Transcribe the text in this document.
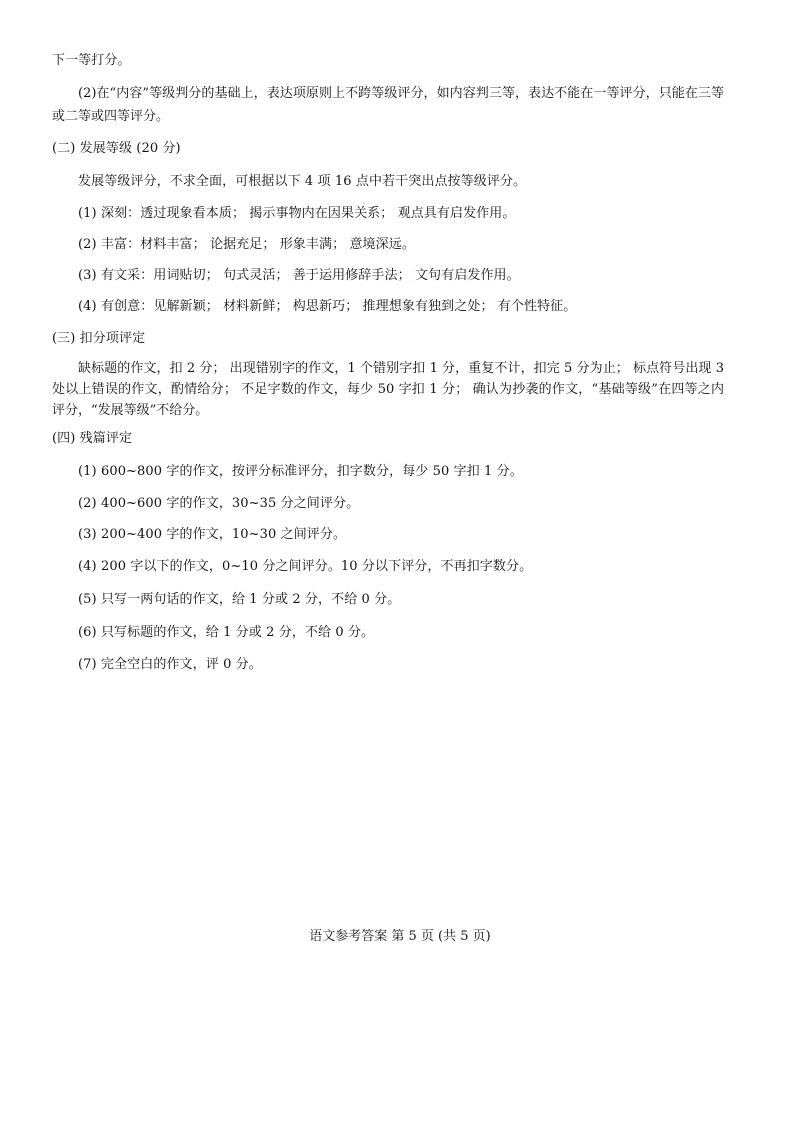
下一等打分。
(2)在“内容”等级判分的基础上，表达项原则上不跨等级评分，如内容判三等，表达不能在一等评分，只能在三等或二等或四等评分。
(二) 发展等级 (20 分)
发展等级评分，不求全面，可根据以下 4 项 16 点中若干突出点按等级评分。
(1) 深刻：透过现象看本质； 揭示事物内在因果关系； 观点具有启发作用。
(2) 丰富：材料丰富； 论据充足； 形象丰满； 意境深远。
(3) 有文采：用词贴切； 句式灵活； 善于运用修辞手法； 文句有启发作用。
(4) 有创意：见解新颖； 材料新鲜； 构思新巧； 推理想象有独到之处； 有个性特征。
(三) 扣分项评定
缺标题的作文，扣 2 分； 出现错别字的作文，1 个错别字扣 1 分，重复不计，扣完 5 分为止； 标点符号出现 3 处以上错误的作文，酌情给分； 不足字数的作文，每少 50 字扣 1 分； 确认为抄袭的作文，“基础等级”在四等之内评分，“发展等级”不给分。
(四) 残篇评定
(1) 600~800 字的作文，按评分标准评分，扣字数分，每少 50 字扣 1 分。
(2) 400~600 字的作文，30~35 分之间评分。
(3) 200~400 字的作文，10~30 之间评分。
(4) 200 字以下的作文，0~10 分之间评分。10 分以下评分，不再扣字数分。
(5) 只写一两句话的作文，给 1 分或 2 分，不给 0 分。
(6) 只写标题的作文，给 1 分或 2 分，不给 0 分。
(7) 完全空白的作文，评 0 分。
语文参考答案 第 5 页 (共 5 页)
